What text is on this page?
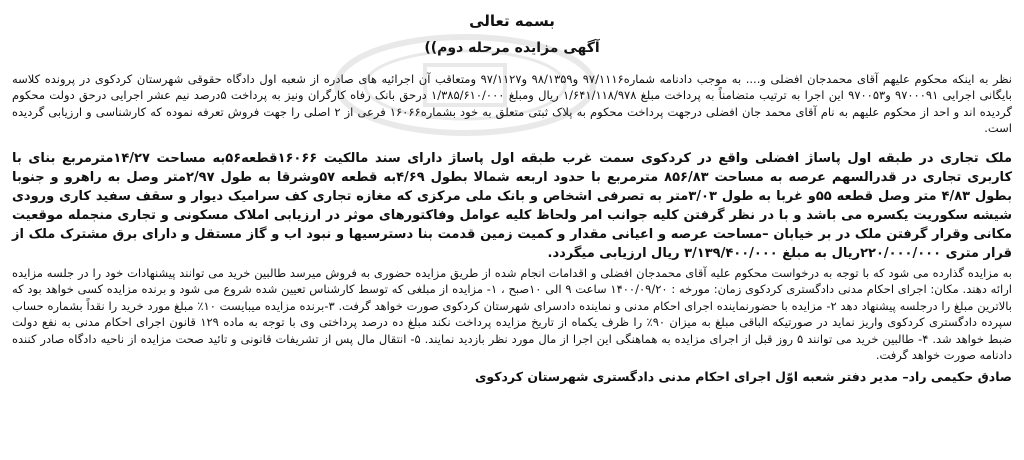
بسمه تعالی
آگهی مزایده مرحله دوم))

نظر به اینکه محکوم علیهم آقای محمدجان افضلی و.... به موجب دادنامه شماره۹۷/۱۱۱۶ و۹۸/۱۳۵۹ و۹۷/۱۱۲۷ ومتعاقب آن اجرائیه های صادره از شعبه اول دادگاه حقوقی شهرستان کردکوی در پرونده کلاسه بایگانی اجرایی ۹۷۰۰۰۹۱ و۹۷۰۰۵۳ این اجرا به ترتیب متضامناً به پرداخت مبلغ ۱/۶۴۱/۱۱۸/۹۷۸ ریال ومبلغ ۱/۳۸۵/۶۱۰/۰۰۰ درحق بانک رفاه کارگران ونیز به پرداخت ۵درصد نیم عشر اجرایی درحق دولت محکوم گردیده اند و احد از محکوم علیهم به نام آقای محمد جان افضلی درجهت پرداخت محکوم به پلاک ثبتی متعلق به خود بشماره۱۶۰۶۶ فرعی از ۲ اصلی را جهت فروش تعرفه نموده که کارشناسی و ارزیابی گردیده است.

ملک تجاری در طبقه اول پاساژ افضلی واقع در کردکوی سمت غرب طبقه اول پاساژ دارای سند مالکیت ۱۶۰۶۶قطعه۵۶به مساحت ۱۴/۲۷مترمربع بنای با کاربری تجاری در قدرالسهم عرصه به مساحت ۸۵۶/۸۳ مترمربع با حدود اربعه شمالا بطول ۴/۶۹به قطعه ۵۷وشرقا به طول ۲/۹۷متر وصل به راهرو و جنوبا بطول ۴/۸۳ متر وصل قطعه ۵۵و غربا به طول ۳/۰۳متر به تصرفی اشخاص و بانک ملی مرکزی که مغازه تجاری کف سرامیک دیوار و سقف سفید کاری ورودی شیشه سکوریت یکسره می باشد و با در نظر گرفتن کلیه جوانب امر ولحاظ کلیه عوامل وفاکتورهای موثر در ارزیابی املاک مسکونی و تجاری منجمله موقعیت مکانی وقرار گرفتن ملک در بر خیابان –مساحت عرصه و اعیانی مقدار و کمیت زمین قدمت بنا دسترسیها و نبود اب و گاز مستقل و دارای برق مشترک ملک از قرار متری ۲۲۰/۰۰۰/۰۰۰ریال به مبلغ ۳/۱۳۹/۴۰۰/۰۰۰ ریال ارزیابی میگردد.

به مزایده گذارده می شود که با توجه به درخواست محکوم علیه آقای محمدجان افضلی و اقدامات انجام شده از طریق مزایده حضوری به فروش میرسد طالبین خرید می توانند پیشنهادات خود را در جلسه مزایده ارائه دهند. مکان: اجرای احکام مدنی دادگستری کردکوی زمان: مورخه : ۱۴۰۰/۰۹/۲۰ ساعت ۹ الی ۱۰صبح ، ۱- مزایده از مبلغی که توسط کارشناس تعیین شده شروع می شود و برنده مزایده کسی خواهد بود که بالاترین مبلغ را درجلسه پیشنهاد دهد ۲- مزایده با حضورنماینده اجرای احکام مدنی و نماینده دادسرای شهرستان کردکوی صورت خواهد گرفت. ۳-برنده مزایده میبایست ۱۰٪ مبلغ مورد خرید را نقداً بشماره حساب سپرده دادگستری کردکوی واریز نماید در صورتیکه الباقی مبلغ به میزان ۹۰٪ را ظرف یکماه از تاریخ مزایده پرداخت نکند مبلغ ده درصد پرداختی وی با توجه به ماده ۱۲۹ قانون اجرای احکام مدنی به نفع دولت ضبط خواهد شد. ۴- طالبین خرید می توانند ۵ روز قبل از اجرای مزایده به هماهنگی این اجرا از مال مورد نظر بازدید نمایند. ۵- انتقال مال پس از تشریفات قانونی و تائید صحت مزایده از ناحیه دادگاه صادر کننده دادنامه صورت خواهد گرفت.

صادق حکیمی راد– مدیر دفتر شعبه اوّل اجرای احکام مدنی دادگستری شهرستان کردکوی
